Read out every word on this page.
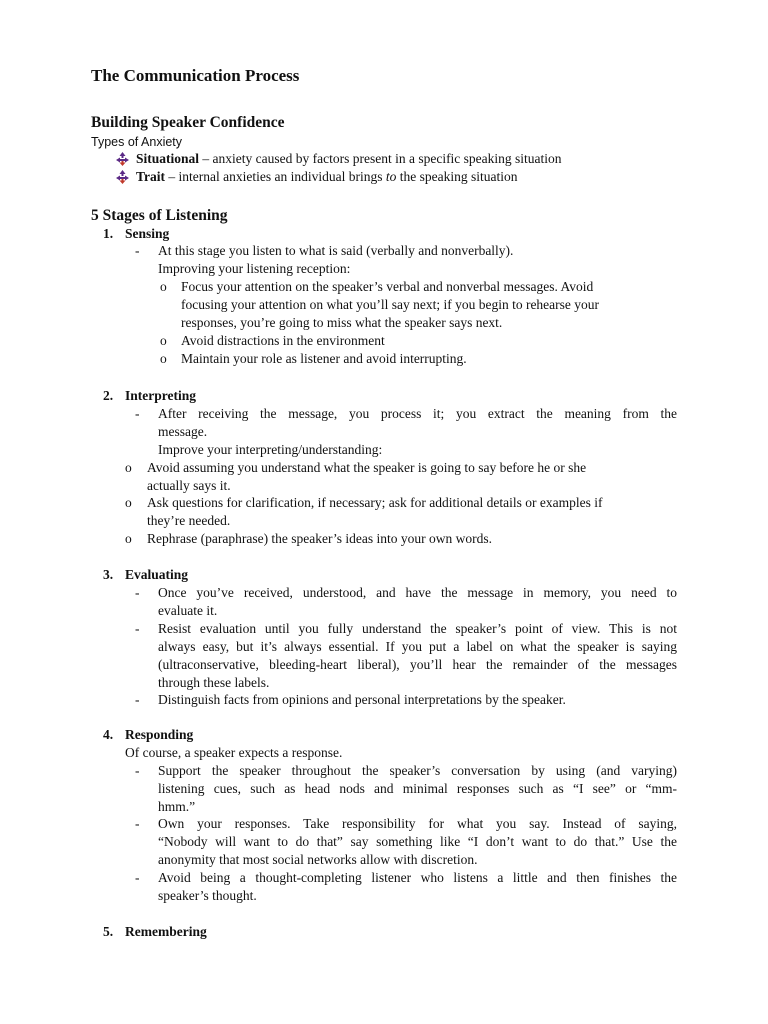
The Communication Process
Building Speaker Confidence
Types of Anxiety
Situational – anxiety caused by factors present in a specific speaking situation
Trait – internal anxieties an individual brings to the speaking situation
5 Stages of Listening
1. Sensing
- At this stage you listen to what is said (verbally and nonverbally).
Improving your listening reception:
o Focus your attention on the speaker’s verbal and nonverbal messages. Avoid
focusing your attention on what you’ll say next; if you begin to rehearse your
responses, you’re going to miss what the speaker says next.
o Avoid distractions in the environment
o Maintain your role as listener and avoid interrupting.
2. Interpreting
- After receiving the message, you process it; you extract the meaning from the
message.
Improve your interpreting/understanding:
o Avoid assuming you understand what the speaker is going to say before he or she
actually says it.
o Ask questions for clarification, if necessary; ask for additional details or examples if
they’re needed.
o Rephrase (paraphrase) the speaker’s ideas into your own words.
3. Evaluating
- Once you’ve received, understood, and have the message in memory, you need to
evaluate it.
- Resist evaluation until you fully understand the speaker’s point of view. This is not
always easy, but it’s always essential. If you put a label on what the speaker is saying
(ultraconservative, bleeding-heart liberal), you’ll hear the remainder of the messages
through these labels.
- Distinguish facts from opinions and personal interpretations by the speaker.
4. Responding
Of course, a speaker expects a response.
- Support the speaker throughout the speaker’s conversation by using (and varying)
listening cues, such as head nods and minimal responses such as “I see” or “mm-
hmm.”
- Own your responses. Take responsibility for what you say. Instead of saying,
“Nobody will want to do that” say something like “I don’t want to do that.” Use the
anonymity that most social networks allow with discretion.
- Avoid being a thought-completing listener who listens a little and then finishes the
speaker’s thought.
5. Remembering
